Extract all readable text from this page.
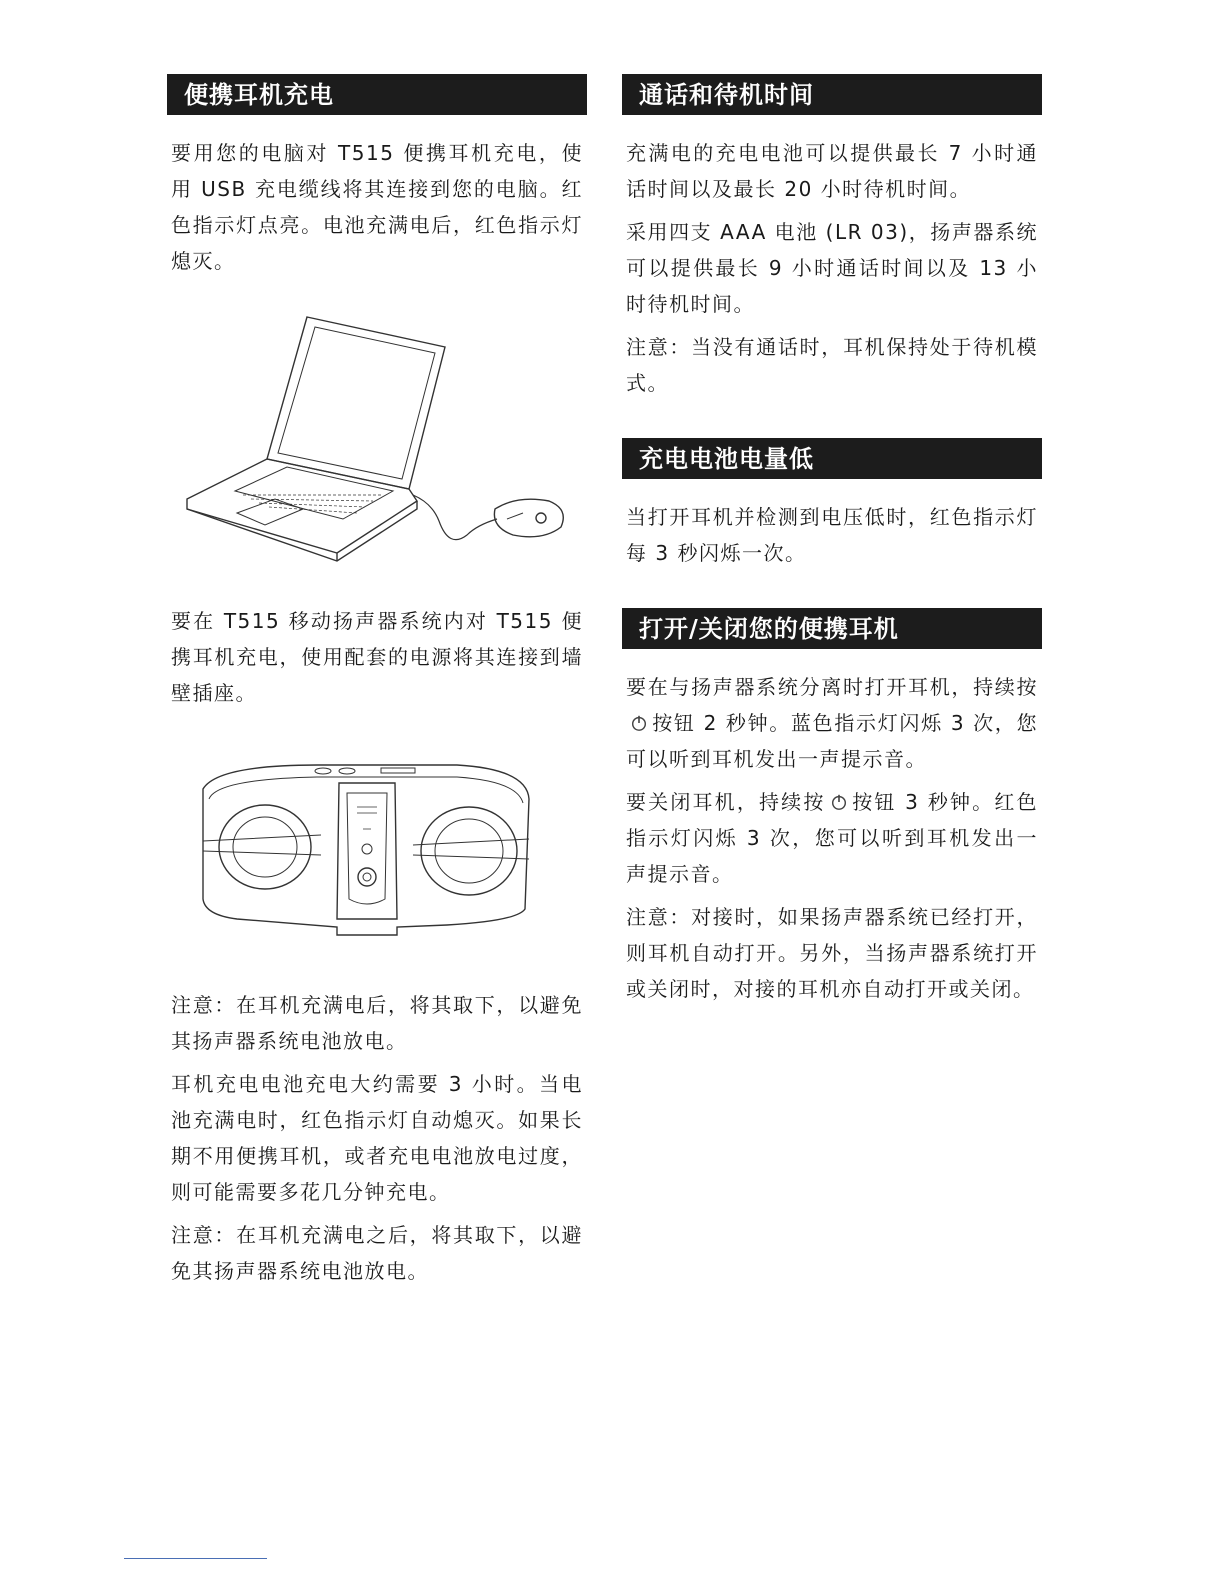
便携耳机充电

要用您的电脑对 T515 便携耳机充电，使用 USB 充电缆线将其连接到您的电脑。红色指示灯点亮。电池充满电后，红色指示灯熄灭。

要在 T515 移动扬声器系统内对 T515 便携耳机充电，使用配套的电源将其连接到墙壁插座。

注意：在耳机充满电后，将其取下，以避免其扬声器系统电池放电。

耳机充电电池充电大约需要 3 小时。当电池充满电时，红色指示灯自动熄灭。如果长期不用便携耳机，或者充电电池放电过度，则可能需要多花几分钟充电。

注意：在耳机充满电之后，将其取下，以避免其扬声器系统电池放电。

通话和待机时间

充满电的充电电池可以提供最长 7 小时通话时间以及最长 20 小时待机时间。

采用四支 AAA 电池 (LR 03)，扬声器系统可以提供最长 9 小时通话时间以及 13 小时待机时间。

注意：当没有通话时，耳机保持处于待机模式。

充电电池电量低

当打开耳机并检测到电压低时，红色指示灯每 3 秒闪烁一次。

打开/关闭您的便携耳机

要在与扬声器系统分离时打开耳机，持续按按钮 2 秒钟。蓝色指示灯闪烁 3 次，您可以听到耳机发出一声提示音。

要关闭耳机，持续按 按钮 3 秒钟。红色指示灯闪烁 3 次，您可以听到耳机发出一声提示音。

注意：对接时，如果扬声器系统已经打开，则耳机自动打开。另外，当扬声器系统打开或关闭时，对接的耳机亦自动打开或关闭。
